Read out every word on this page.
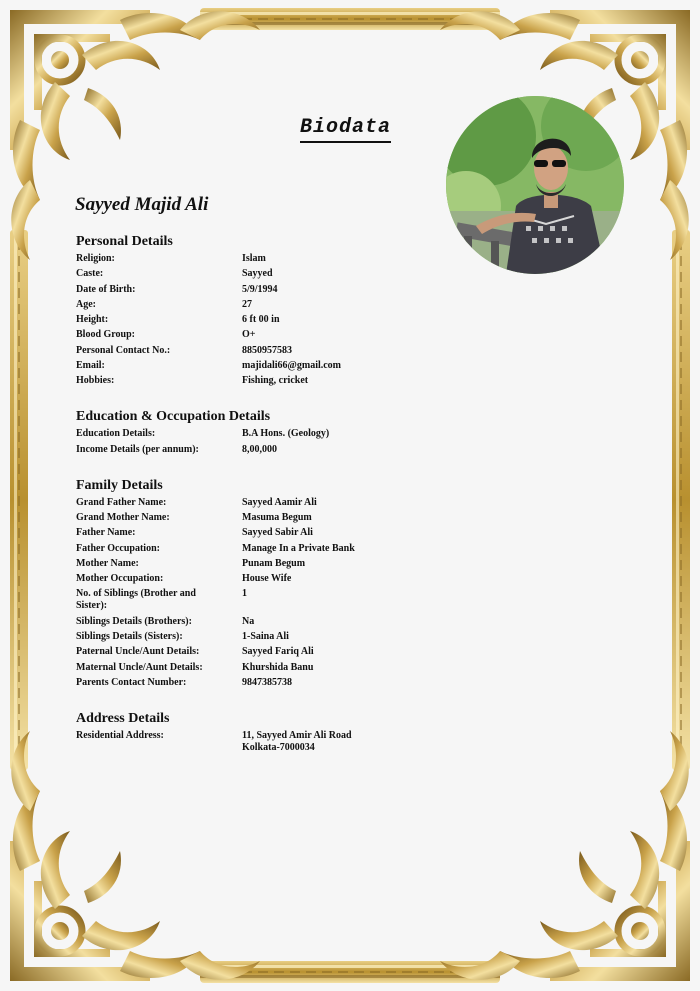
Biodata
Sayyed Majid Ali
Personal Details
Religion:	Islam
Caste:	Sayyed
Date of Birth:	5/9/1994
Age:	27
Height:	6 ft 00 in
Blood Group:	O+
Personal Contact No.:	8850957583
Email:	majidali66@gmail.com
Hobbies:	Fishing, cricket
Education & Occupation Details
Education Details:	B.A Hons. (Geology)
Income Details (per annum):	8,00,000
Family Details
Grand Father Name:	Sayyed Aamir Ali
Grand Mother Name:	Masuma Begum
Father Name:	Sayyed Sabir Ali
Father Occupation:	Manage In a Private Bank
Mother Name:	Punam Begum
Mother Occupation:	House Wife
No. of Siblings (Brother and Sister):
1
Siblings Details (Brothers):	Na
Siblings Details (Sisters):	1-Saina Ali
Paternal Uncle/Aunt Details:	Sayyed Fariq Ali
Maternal Uncle/Aunt Details:	Khurshida Banu
Parents Contact Number:	9847385738
Address Details
Residential Address:	11, Sayyed Amir Ali Road
Kolkata-7000034
